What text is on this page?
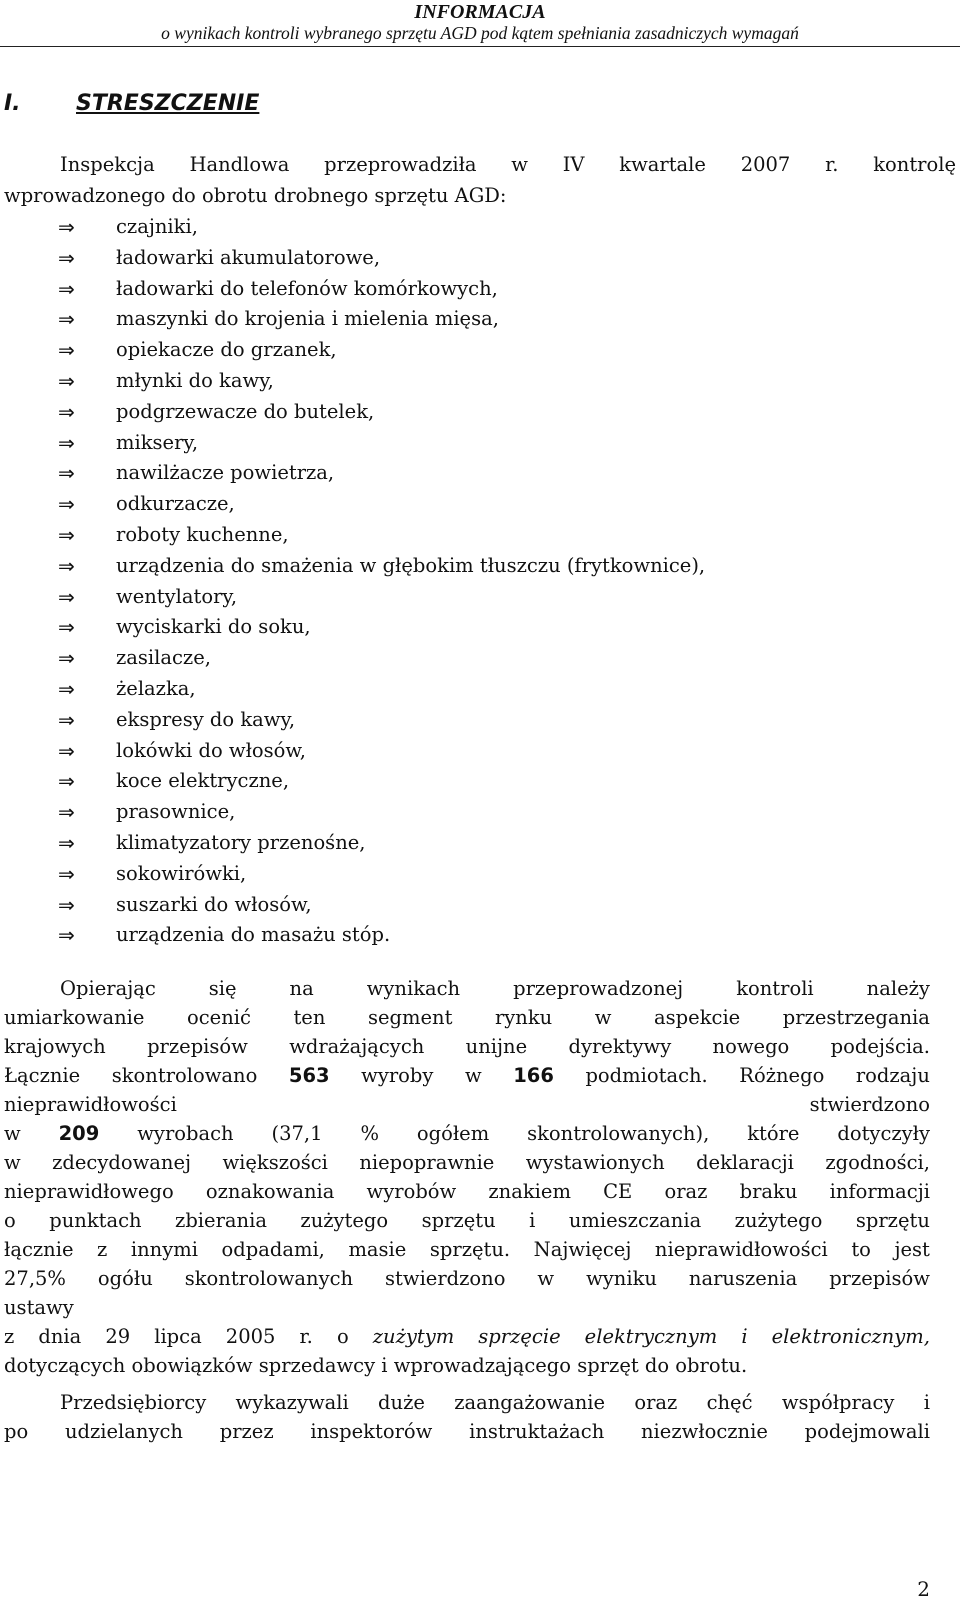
INFORMACJA
o wynikach kontroli wybranego sprzętu AGD pod kątem spełniania zasadniczych wymagań
I.	STRESZCZENIE
Inspekcja Handlowa przeprowadziła w IV kwartale 2007 r. kontrolę
wprowadzonego do obrotu drobnego sprzętu AGD:
⇒ czajniki,
⇒ ładowarki akumulatorowe,
⇒ ładowarki do telefonów komórkowych,
⇒ maszynki do krojenia i mielenia mięsa,
⇒ opiekacze do grzanek,
⇒ młynki do kawy,
⇒ podgrzewacze do butelek,
⇒ miksery,
⇒ nawilżacze powietrza,
⇒ odkurzacze,
⇒ roboty kuchenne,
⇒ urządzenia do smażenia w głębokim tłuszczu (frytkownice),
⇒ wentylatory,
⇒ wyciskarki do soku,
⇒ zasilacze,
⇒ żelazka,
⇒ ekspresy do kawy,
⇒ lokówki do włosów,
⇒ koce elektryczne,
⇒ prasownice,
⇒ klimatyzatory przenośne,
⇒ sokowirówki,
⇒ suszarki do włosów,
⇒ urządzenia do masażu stóp.
Opierając	się	na	wynikach	przeprowadzonej	kontroli	należy
umiarkowanie ocenić ten segment rynku w aspekcie przestrzegania
krajowych przepisów wdrażających unijne dyrektywy nowego podejścia.
Łącznie skontrolowano 563 wyroby w 166 podmiotach. Różnego rodzaju
nieprawidłowości	stwierdzono
w 209 wyrobach (37,1 % ogółem skontrolowanych), które dotyczyły
w zdecydowanej większości niepoprawnie wystawionych deklaracji zgodności,
nieprawidłowego oznakowania wyrobów znakiem CE oraz braku informacji
o punktach zbierania zużytego sprzętu i umieszczania zużytego sprzętu
łącznie z innymi odpadami, masie sprzętu. Najwięcej nieprawidłowości to jest
27,5% ogółu skontrolowanych stwierdzono w wyniku naruszenia przepisów
ustawy
z dnia 29 lipca 2005 r. o zużytym sprzęcie elektrycznym i elektronicznym,
dotyczących obowiązków sprzedawcy i wprowadzającego sprzęt do obrotu.
Przedsiębiorcy wykazywali duże zaangażowanie oraz chęć współpracy i
po udzielanych przez inspektorów instruktażach niezwłocznie podejmowali
2
